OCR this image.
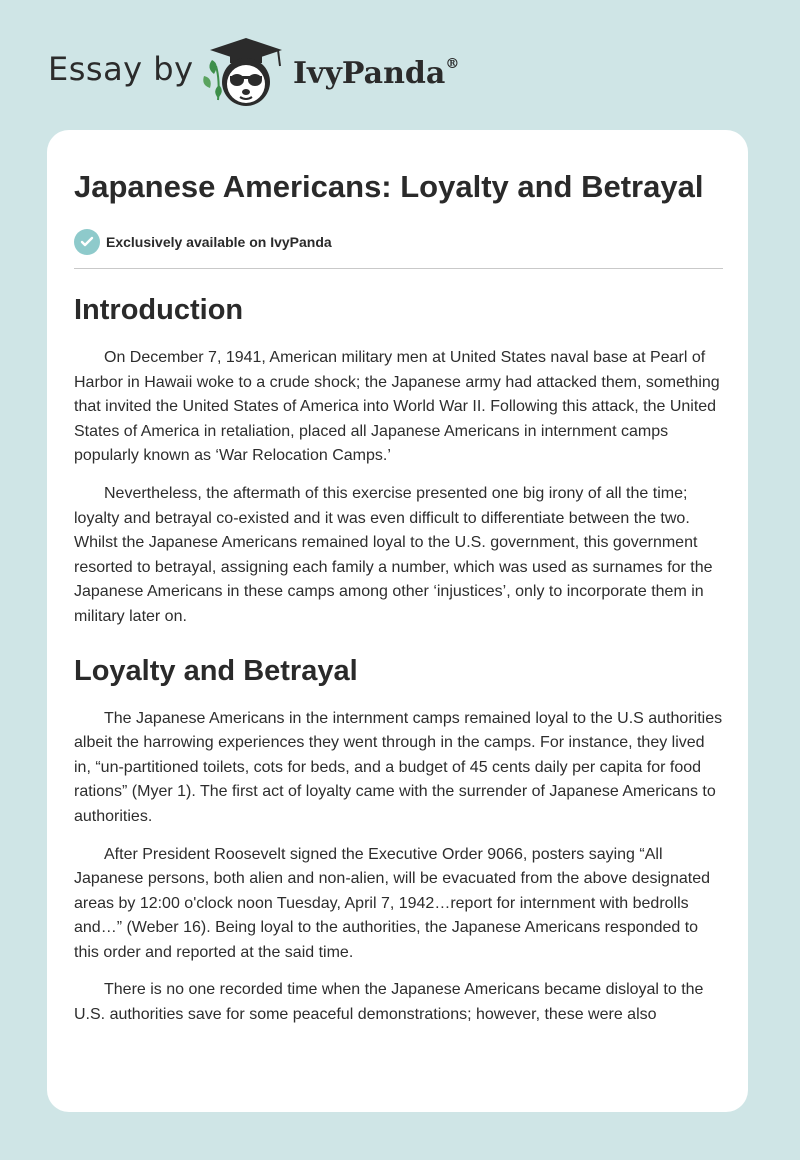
Essay by	IvyPanda®
Japanese Americans: Loyalty and Betrayal
Exclusively available on IvyPanda
Introduction

On December 7, 1941, American military men at United States naval base at Pearl of Harbor in Hawaii woke to a crude shock; the Japanese army had attacked them, something that invited the United States of America into World War II. Following this attack, the United States of America in retaliation, placed all Japanese Americans in internment camps popularly known as ‘War Relocation Camps.’

Nevertheless, the aftermath of this exercise presented one big irony of all the time; loyalty and betrayal co-existed and it was even difficult to differentiate between the two. Whilst the Japanese Americans remained loyal to the U.S. government, this government resorted to betrayal, assigning each family a number, which was used as surnames for the Japanese Americans in these camps among other ‘injustices’, only to incorporate them in military later on.

Loyalty and Betrayal

The Japanese Americans in the internment camps remained loyal to the U.S authorities albeit the harrowing experiences they went through in the camps. For instance, they lived in, “un-partitioned toilets, cots for beds, and a budget of 45 cents daily per capita for food rations” (Myer 1). The first act of loyalty came with the surrender of Japanese Americans to authorities.

After President Roosevelt signed the Executive Order 9066, posters saying “All Japanese persons, both alien and non-alien, will be evacuated from the above designated areas by 12:00 o'clock noon Tuesday, April 7, 1942…report for internment with bedrolls and…” (Weber 16). Being loyal to the authorities, the Japanese Americans responded to this order and reported at the said time.

There is no one recorded time when the Japanese Americans became disloyal to the U.S. authorities save for some peaceful demonstrations; however, these were also
